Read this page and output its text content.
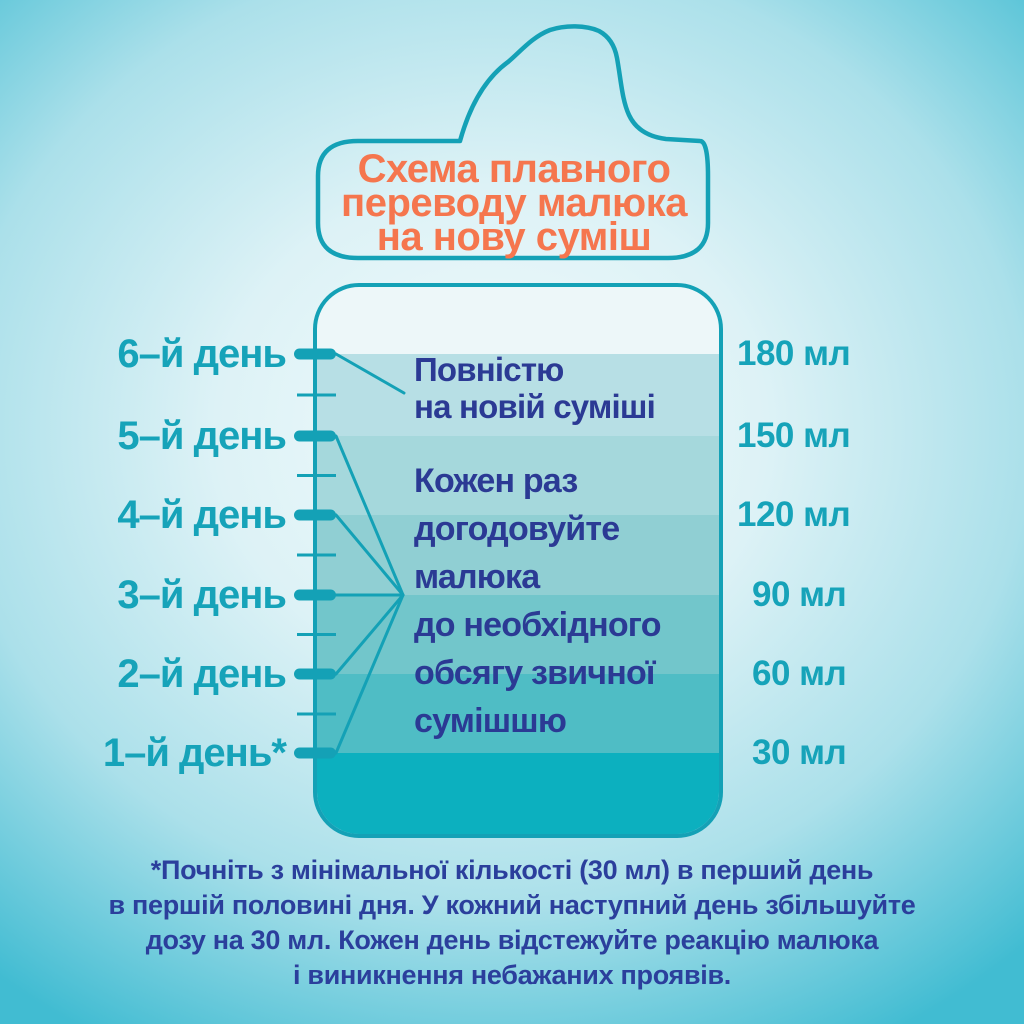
Схема плавного
переводу малюка
на нову суміш
6–й день
5–й день
4–й день
3–й день
2–й день
1–й день*
180 мл
150 мл
120 мл
90 мл
60 мл
30 мл
Повністю
на новій суміші
Кожен раз
догодовуйте
малюка
до необхідного
обсягу звичної
сумішшю
*Почніть з мінімальної кількості (30 мл) в перший день
в першій половині дня. У кожний наступний день збільшуйте
дозу на 30 мл. Кожен день відстежуйте реакцію малюка
і виникнення небажаних проявів.
